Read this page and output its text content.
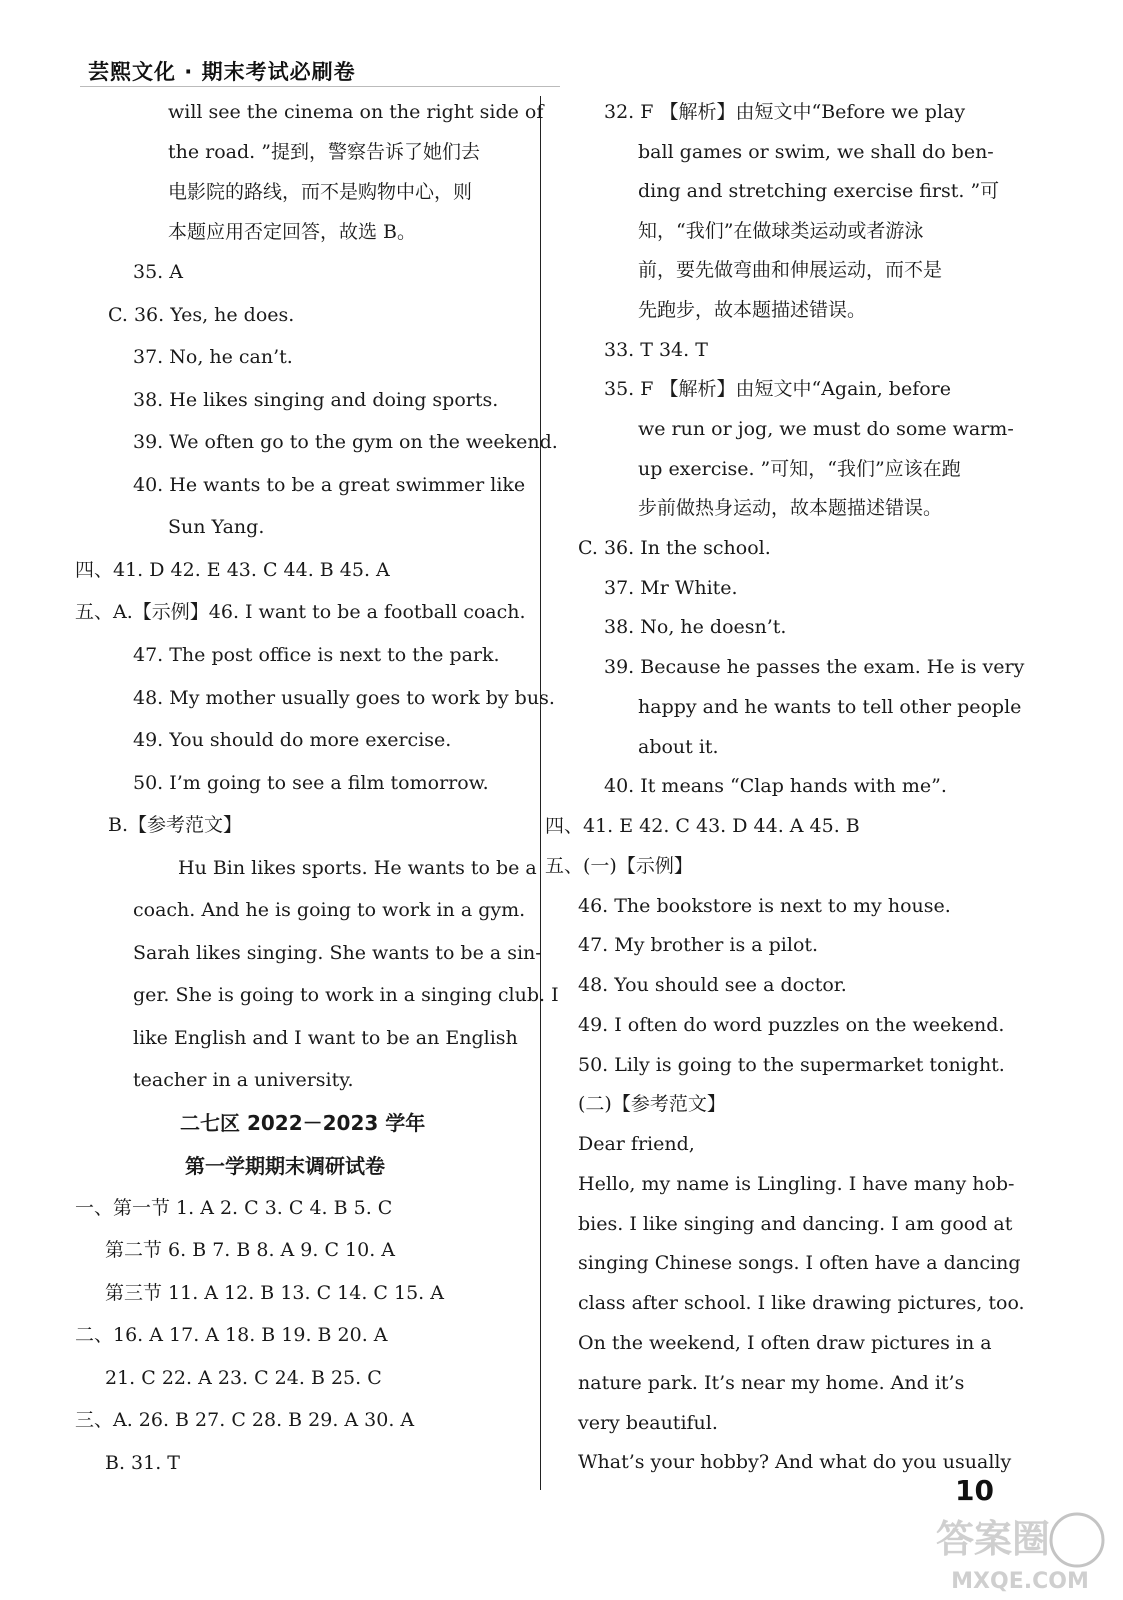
芸熙文化 · 期末考试必刷卷
will see the cinema on the right side of
the road. ”提到，警察告诉了她们去
电影院的路线，而不是购物中心，则
本题应用否定回答，故选 B。
35. A
C. 36. Yes, he does.
37. No, he can’t.
38. He likes singing and doing sports.
39. We often go to the gym on the weekend.
40. He wants to be a great swimmer like
Sun Yang.
四、41. D 42. E 43. C 44. B 45. A
五、A.【示例】46. I want to be a football coach.
47. The post office is next to the park.
48. My mother usually goes to work by bus.
49. You should do more exercise.
50. I’m going to see a film tomorrow.
B.【参考范文】
Hu Bin likes sports. He wants to be a
coach. And he is going to work in a gym.
Sarah likes singing. She wants to be a sin-
ger. She is going to work in a singing club. I
like English and I want to be an English
teacher in a university.
二七区 2022－2023 学年
第一学期期末调研试卷
一、第一节 1. A 2. C 3. C 4. B 5. C
第二节 6. B 7. B 8. A 9. C 10. A
第三节 11. A 12. B 13. C 14. C 15. A
二、16. A 17. A 18. B 19. B 20. A
21. C 22. A 23. C 24. B 25. C
三、A. 26. B 27. C 28. B 29. A 30. A
B. 31. T
32. F 【解析】由短文中“Before we play
ball games or swim, we shall do ben-
ding and stretching exercise first. ”可
知，“我们”在做球类运动或者游泳
前，要先做弯曲和伸展运动，而不是
先跑步，故本题描述错误。
33. T 34. T
35. F 【解析】由短文中“Again, before
we run or jog, we must do some warm-
up exercise. ”可知，“我们”应该在跑
步前做热身运动，故本题描述错误。
C. 36. In the school.
37. Mr White.
38. No, he doesn’t.
39. Because he passes the exam. He is very
happy and he wants to tell other people
about it.
40. It means “Clap hands with me”.
四、41. E 42. C 43. D 44. A 45. B
五、(一)【示例】
46. The bookstore is next to my house.
47. My brother is a pilot.
48. You should see a doctor.
49. I often do word puzzles on the weekend.
50. Lily is going to the supermarket tonight.
(二)【参考范文】
Dear friend,
Hello, my name is Lingling. I have many hob-
bies. I like singing and dancing. I am good at
singing Chinese songs. I often have a dancing
class after school. I like drawing pictures, too.
On the weekend, I often draw pictures in a
nature park. It’s near my home. And it’s
very beautiful.
What’s your hobby? And what do you usually
10
答案圈
MXQE.COM
